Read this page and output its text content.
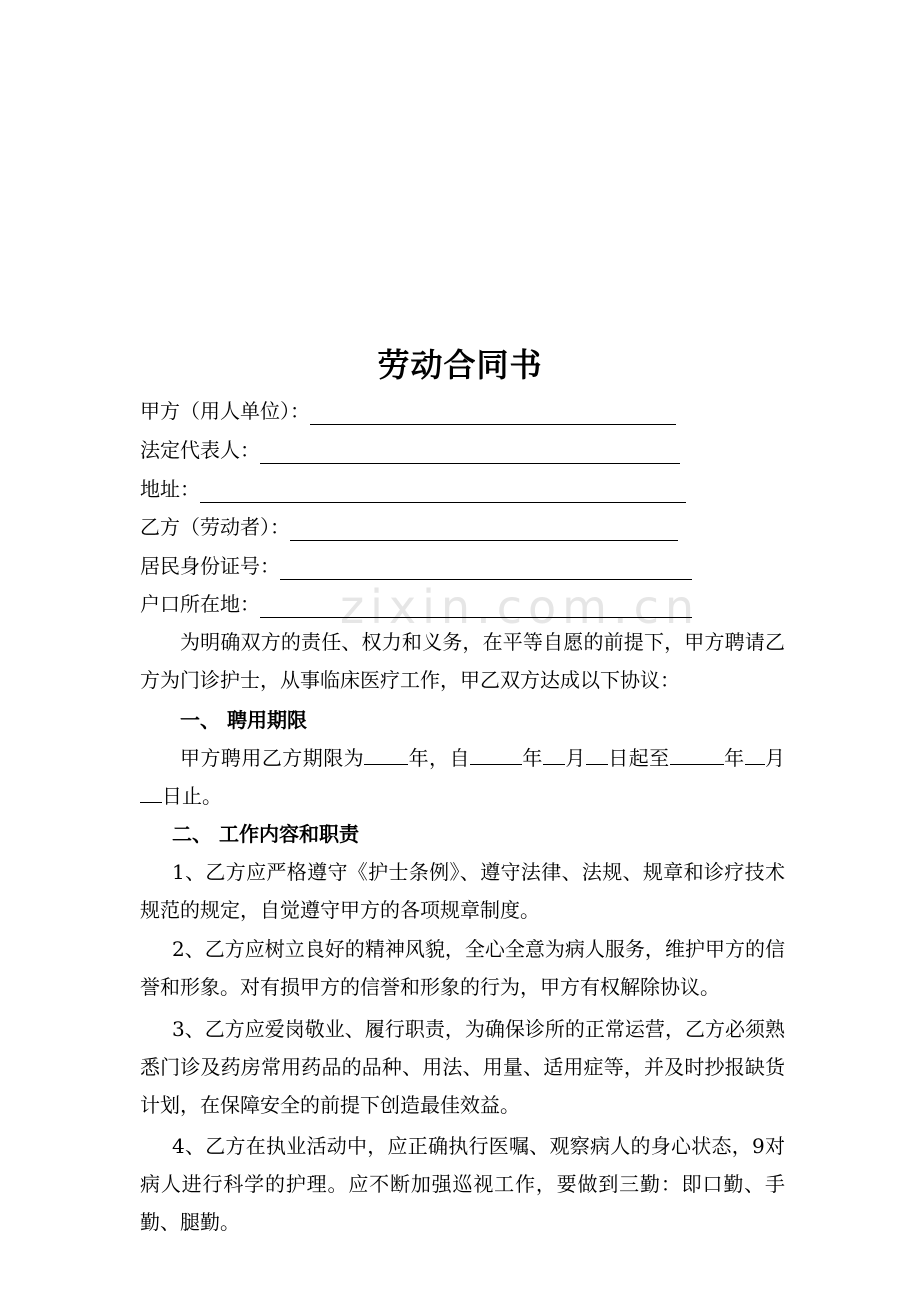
zixin.com.cn
劳动合同书
甲方（用人单位）：
法定代表人：
地址：
乙方（劳动者）：
居民身份证号：
户口所在地：
为明确双方的责任、权力和义务，在平等自愿的前提下，甲方聘请乙方为门诊护士，从事临床医疗工作，甲乙双方达成以下协议：
一、 聘用期限
甲方聘用乙方期限为 年，自	年 月 日起至	年 月日止。
二、 工作内容和职责
1、乙方应严格遵守《护士条例》、遵守法律、法规、规章和诊疗技术规范的规定，自觉遵守甲方的各项规章制度。
2、乙方应树立良好的精神风貌，全心全意为病人服务，维护甲方的信誉和形象。对有损甲方的信誉和形象的行为，甲方有权解除协议。
3、乙方应爱岗敬业、履行职责，为确保诊所的正常运营，乙方必须熟悉门诊及药房常用药品的品种、用法、用量、适用症等，并及时抄报缺货计划，在保障安全的前提下创造最佳效益。
4、乙方在执业活动中，应正确执行医嘱、观察病人的身心状态，9对病人进行科学的护理。应不断加强巡视工作，要做到三勤：即口勤、手勤、腿勤。
